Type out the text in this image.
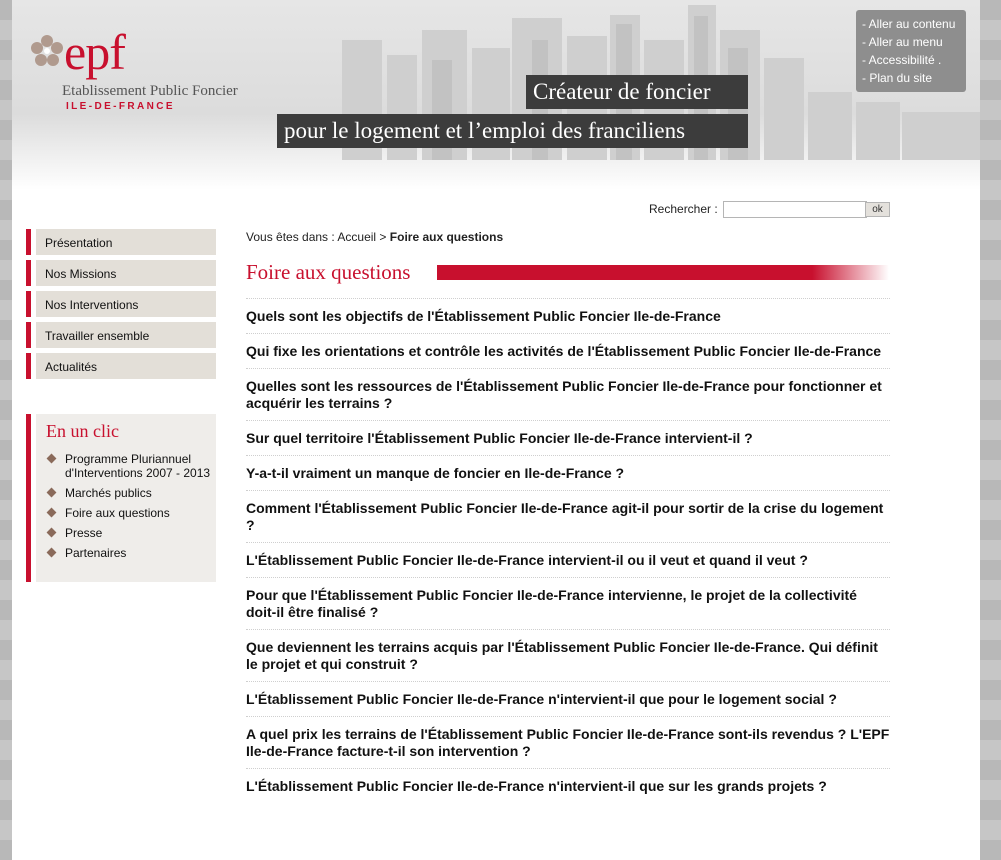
epf
Etablissement Public Foncier
ILE-DE-FRANCE
Créateur de foncier
pour le logement et l’emploi des franciliens
- Aller au contenu
- Aller au menu
- Accessibilité .
- Plan du site
Rechercher :	ok
Présentation
Nos Missions
Nos Interventions
Travailler ensemble
Actualités
En un clic
Programme Pluriannuel d'Interventions 2007 - 2013
Marchés publics
Foire aux questions
Presse
Partenaires
Vous êtes dans : Accueil > Foire aux questions
Foire aux questions
Quels sont les objectifs de l'Établissement Public Foncier Ile-de-France
Qui fixe les orientations et contrôle les activités de l'Établissement Public Foncier Ile-de-France
Quelles sont les ressources de l'Établissement Public Foncier Ile-de-France pour fonctionner et acquérir les terrains ?
Sur quel territoire l'Établissement Public Foncier Ile-de-France intervient-il ?
Y-a-t-il vraiment un manque de foncier en Ile-de-France ?
Comment l'Établissement Public Foncier Ile-de-France agit-il pour sortir de la crise du logement ?
L'Établissement Public Foncier Ile-de-France intervient-il ou il veut et quand il veut ?
Pour que l'Établissement Public Foncier Ile-de-France intervienne, le projet de la collectivité doit-il être finalisé ?
Que deviennent les terrains acquis par l'Établissement Public Foncier Ile-de-France. Qui définit le projet et qui construit ?
L'Établissement Public Foncier Ile-de-France n'intervient-il que pour le logement social ?
A quel prix les terrains de l'Établissement Public Foncier Ile-de-France sont-ils revendus ? L'EPF Ile-de-France facture-t-il son intervention ?
L'Établissement Public Foncier Ile-de-France n'intervient-il que sur les grands projets ?
